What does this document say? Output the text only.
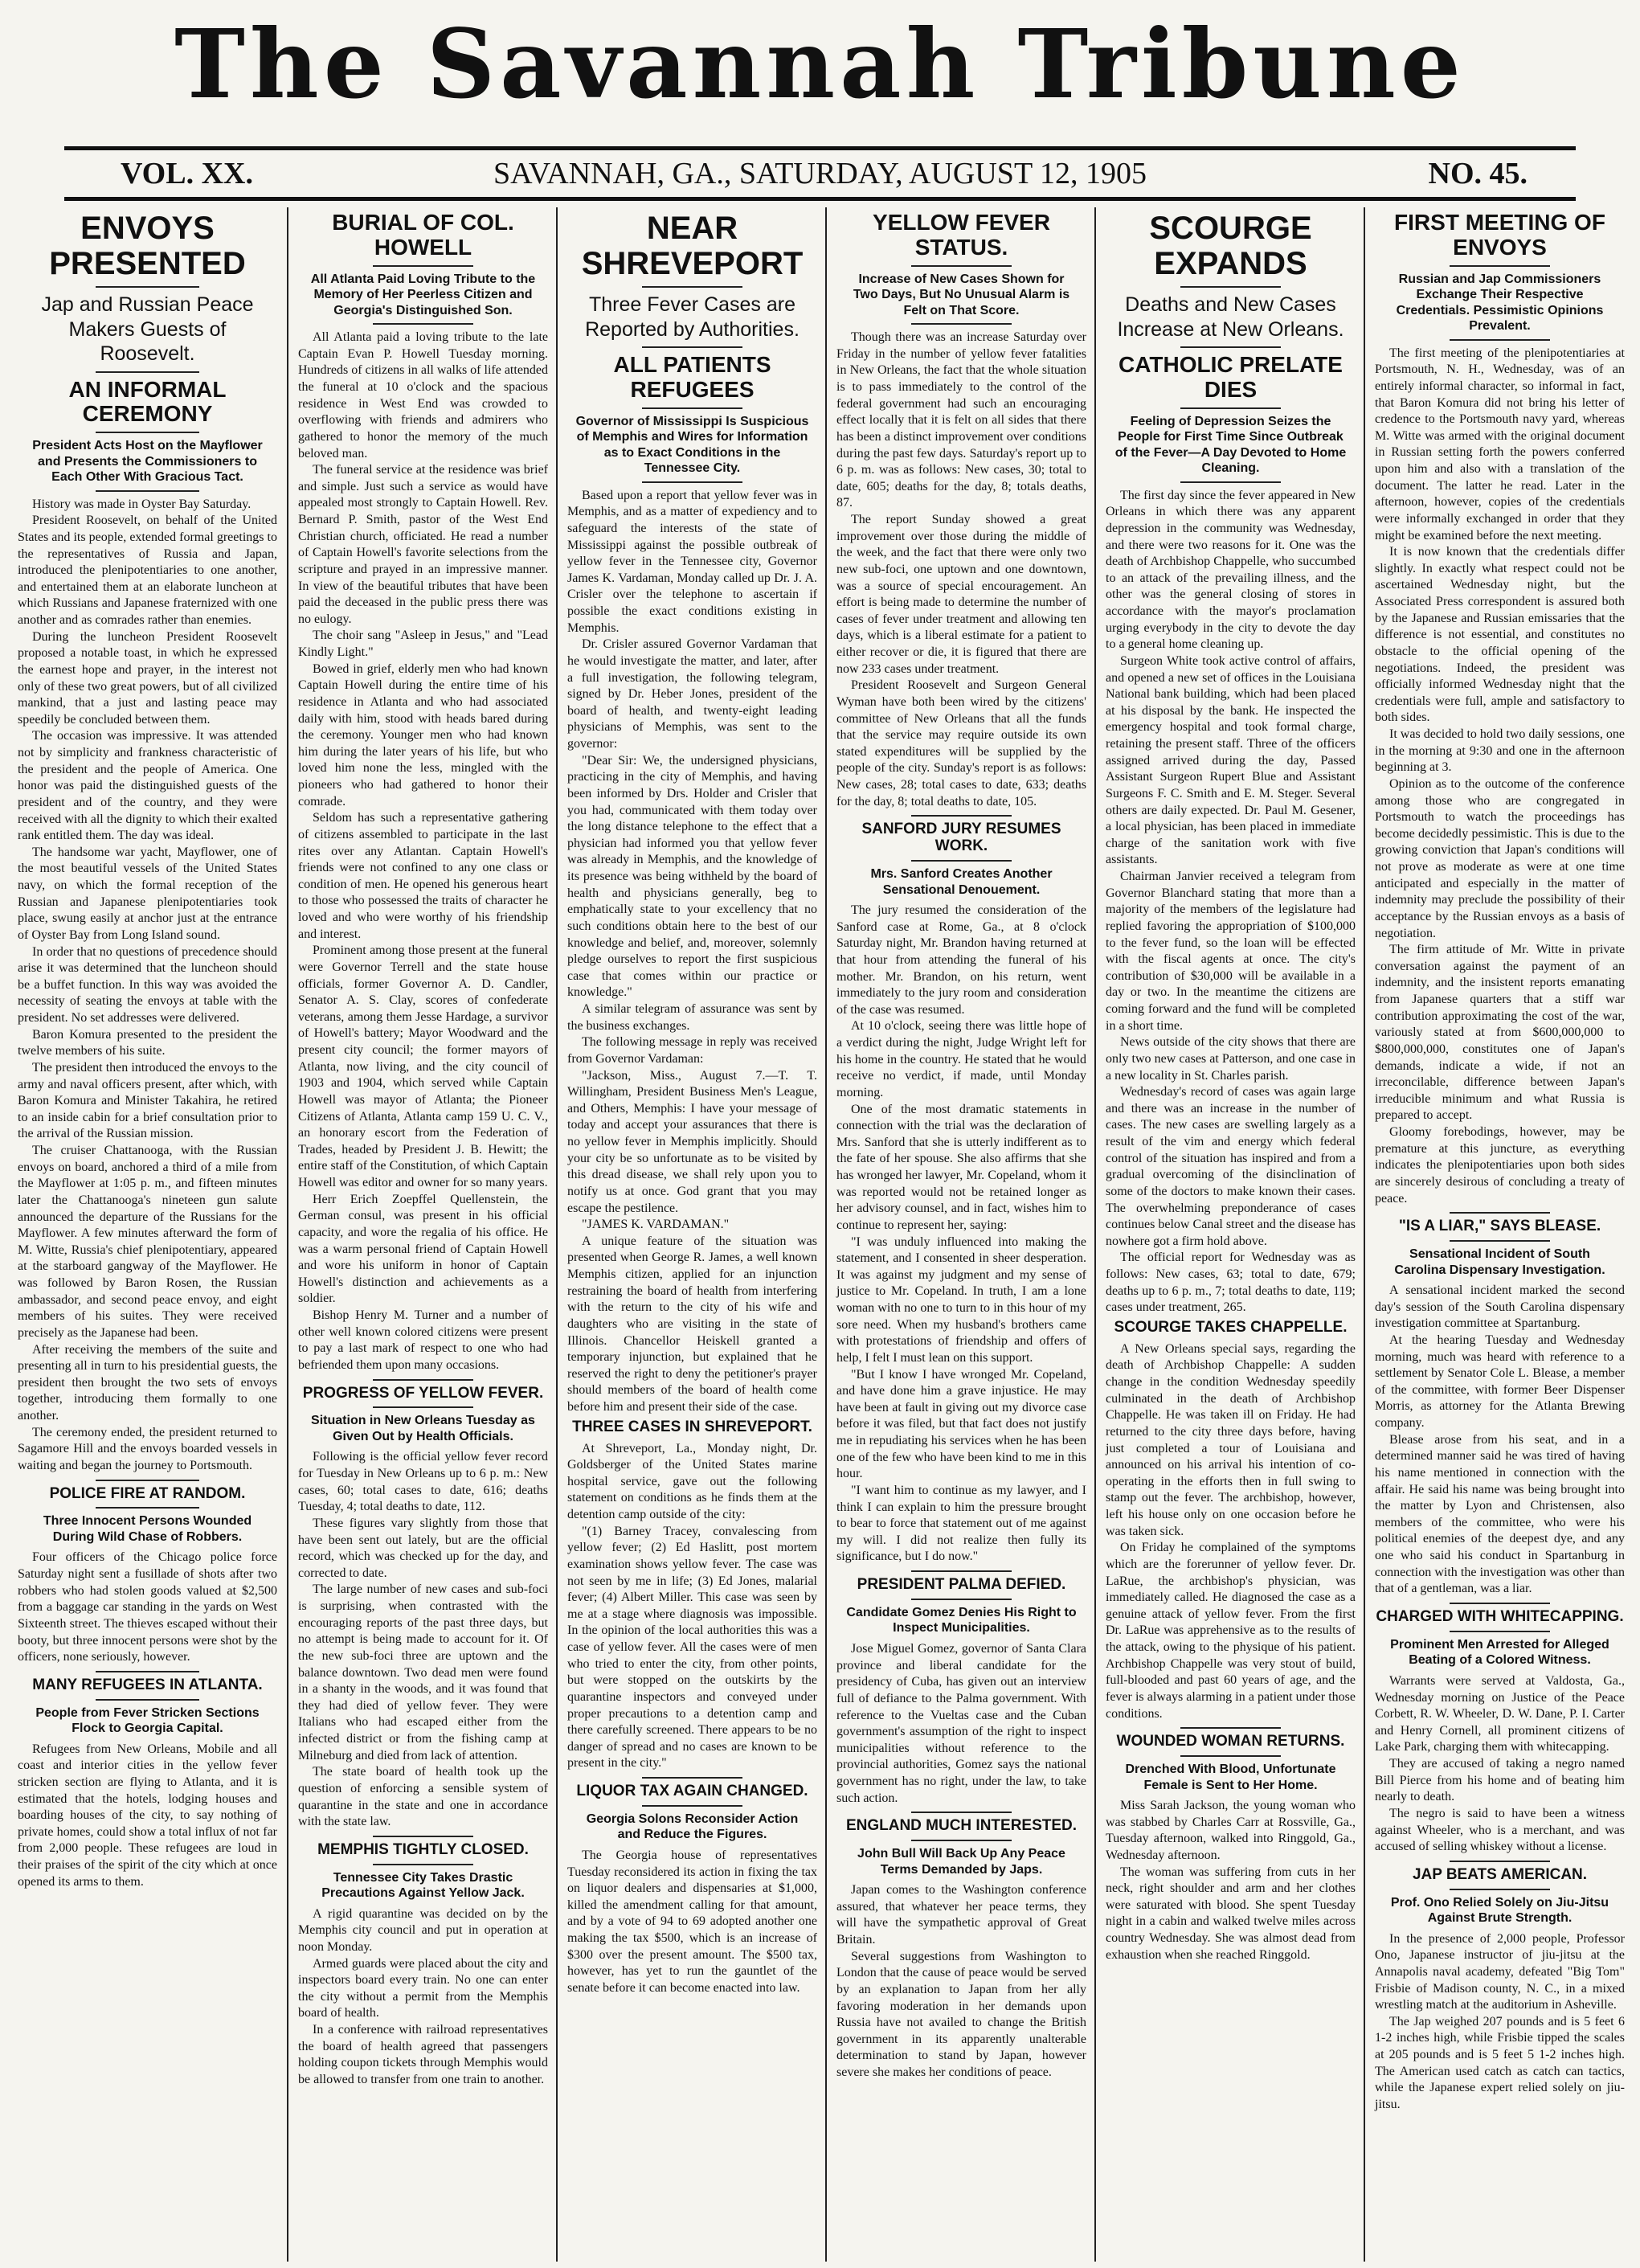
The Savannah Tribune
VOL. XX.	SAVANNAH, GA., SATURDAY, AUGUST 12, 1905	NO. 45.
ENVOYS PRESENTED
Jap and Russian Peace Makers Guests of Roosevelt.
AN INFORMAL CEREMONY
President Acts Host on the Mayflower and Presents the Commissioners to Each Other With Gracious Tact.

History was made in Oyster Bay Saturday.

President Roosevelt, on behalf of the United States and its people, extended formal greetings to the representatives of Russia and Japan, introduced the plenipotentiaries to one another, and entertained them at an elaborate luncheon at which Russians and Japanese fraternized with one another and as comrades rather than enemies.

During the luncheon President Roosevelt proposed a notable toast, in which he expressed the earnest hope and prayer, in the interest not only of these two great powers, but of all civilized mankind, that a just and lasting peace may speedily be concluded between them.

The occasion was impressive. It was attended not by simplicity and frankness characteristic of the president and the people of America. One honor was paid the distinguished guests of the president and of the country, and they were received with all the dignity to which their exalted rank entitled them. The day was ideal.

The handsome war yacht, Mayflower, one of the most beautiful vessels of the United States navy, on which the formal reception of the Russian and Japanese plenipotentiaries took place, swung easily at anchor just at the entrance of Oyster Bay from Long Island sound.

In order that no questions of precedence should arise it was determined that the luncheon should be a buffet function. In this way was avoided the necessity of seating the envoys at table with the president. No set addresses were delivered.

Baron Komura presented to the president the twelve members of his suite.

The president then introduced the envoys to the army and naval officers present, after which, with Baron Komura and Minister Takahira, he retired to an inside cabin for a brief consultation prior to the arrival of the Russian mission.

The cruiser Chattanooga, with the Russian envoys on board, anchored a third of a mile from the Mayflower at 1:05 p. m., and fifteen minutes later the Chattanooga's nineteen gun salute announced the departure of the Russians for the Mayflower. A few minutes afterward the form of M. Witte, Russia's chief plenipotentiary, appeared at the starboard gangway of the Mayflower. He was followed by Baron Rosen, the Russian ambassador, and second peace envoy, and eight members of his suites. They were received precisely as the Japanese had been.

After receiving the members of the suite and presenting all in turn to his presidential guests, the president then brought the two sets of envoys together, introducing them formally to one another.

The ceremony ended, the president returned to Sagamore Hill and the envoys boarded vessels in waiting and began the journey to Portsmouth.

POLICE FIRE AT RANDOM.
Three Innocent Persons Wounded During Wild Chase of Robbers.

Four officers of the Chicago police force Saturday night sent a fusillade of shots after two robbers who had stolen goods valued at $2,500 from a baggage car standing in the yards on West Sixteenth street. The thieves escaped without their booty, but three innocent persons were shot by the officers, none seriously, however.

MANY REFUGEES IN ATLANTA.
People from Fever Stricken Sections Flock to Georgia Capital.

Refugees from New Orleans, Mobile and all coast and interior cities in the yellow fever stricken section are flying to Atlanta, and it is estimated that the hotels, lodging houses and boarding houses of the city, to say nothing of private homes, could show a total influx of not far from 2,000 people. These refugees are loud in their praises of the spirit of the city which at once opened its arms to them.

BURIAL OF COL. HOWELL
All Atlanta Paid Loving Tribute to the Memory of Her Peerless Citizen and Georgia's Distinguished Son.

All Atlanta paid a loving tribute to the late Captain Evan P. Howell Tuesday morning. Hundreds of citizens in all walks of life attended the funeral at 10 o'clock and the spacious residence in West End was crowded to overflowing with friends and admirers who gathered to honor the memory of the much beloved man.

The funeral service at the residence was brief and simple. Just such a service as would have appealed most strongly to Captain Howell. Rev. Bernard P. Smith, pastor of the West End Christian church, officiated. He read a number of Captain Howell's favorite selections from the scripture and prayed in an impressive manner. In view of the beautiful tributes that have been paid the deceased in the public press there was no eulogy.

The choir sang "Asleep in Jesus," and "Lead Kindly Light."

Bowed in grief, elderly men who had known Captain Howell during the entire time of his residence in Atlanta and who had associated daily with him, stood with heads bared during the ceremony. Younger men who had known him during the later years of his life, but who loved him none the less, mingled with the pioneers who had gathered to honor their comrade.

Seldom has such a representative gathering of citizens assembled to participate in the last rites over any Atlantan. Captain Howell's friends were not confined to any one class or condition of men. He opened his generous heart to those who possessed the traits of character he loved and who were worthy of his friendship and interest.

Prominent among those present at the funeral were Governor Terrell and the state house officials, former Governor A. D. Candler, Senator A. S. Clay, scores of confederate veterans, among them Jesse Hardage, a survivor of Howell's battery; Mayor Woodward and the present city council; the former mayors of Atlanta, now living, and the city council of 1903 and 1904, which served while Captain Howell was mayor of Atlanta; the Pioneer Citizens of Atlanta, Atlanta camp 159 U. C. V., an honorary escort from the Federation of Trades, headed by President J. B. Hewitt; the entire staff of the Constitution, of which Captain Howell was editor and owner for so many years.

Herr Erich Zoepffel Quellenstein, the German consul, was present in his official capacity, and wore the regalia of his office. He was a warm personal friend of Captain Howell and wore his uniform in honor of Captain Howell's distinction and achievements as a soldier.

Bishop Henry M. Turner and a number of other well known colored citizens were present to pay a last mark of respect to one who had befriended them upon many occasions.

PROGRESS OF YELLOW FEVER.
Situation in New Orleans Tuesday as Given Out by Health Officials.

Following is the official yellow fever record for Tuesday in New Orleans up to 6 p. m.: New cases, 60; total cases to date, 616; deaths Tuesday, 4; total deaths to date, 112.

These figures vary slightly from those that have been sent out lately, but are the official record, which was checked up for the day, and corrected to date.

The large number of new cases and sub-foci is surprising, when contrasted with the encouraging reports of the past three days, but no attempt is being made to account for it. Of the new sub-foci three are uptown and the balance downtown. Two dead men were found in a shanty in the woods, and it was found that they had died of yellow fever. They were Italians who had escaped either from the infected district or from the fishing camp at Milneburg and died from lack of attention.

The state board of health took up the question of enforcing a sensible system of quarantine in the state and one in accordance with the state law.

MEMPHIS TIGHTLY CLOSED.
Tennessee City Takes Drastic Precautions Against Yellow Jack.

A rigid quarantine was decided on by the Memphis city council and put in operation at noon Monday.

Armed guards were placed about the city and inspectors board every train. No one can enter the city without a permit from the Memphis board of health.

In a conference with railroad representatives the board of health agreed that passengers holding coupon tickets through Memphis would be allowed to transfer from one train to another.

NEAR SHREVEPORT
Three Fever Cases are Reported by Authorities.
ALL PATIENTS REFUGEES
Governor of Mississippi Is Suspicious of Memphis and Wires for Information as to Exact Conditions in the Tennessee City.

Based upon a report that yellow fever was in Memphis, and as a matter of expediency and to safeguard the interests of the state of Mississippi against the possible outbreak of yellow fever in the Tennessee city, Governor James K. Vardaman, Monday called up Dr. J. A. Crisler over the telephone to ascertain if possible the exact conditions existing in Memphis.

Dr. Crisler assured Governor Vardaman that he would investigate the matter, and later, after a full investigation, the following telegram, signed by Dr. Heber Jones, president of the board of health, and twenty-eight leading physicians of Memphis, was sent to the governor:

"Dear Sir: We, the undersigned physicians, practicing in the city of Memphis, and having been informed by Drs. Holder and Crisler that you had, communicated with them today over the long distance telephone to the effect that a physician had informed you that yellow fever was already in Memphis, and the knowledge of its presence was being withheld by the board of health and physicians generally, beg to emphatically state to your excellency that no such conditions obtain here to the best of our knowledge and belief, and, moreover, solemnly pledge ourselves to report the first suspicious case that comes within our practice or knowledge."

A similar telegram of assurance was sent by the business exchanges.

The following message in reply was received from Governor Vardaman:

"Jackson, Miss., August 7.—T. T. Willingham, President Business Men's League, and Others, Memphis: I have your message of today and accept your assurances that there is no yellow fever in Memphis implicitly. Should your city be so unfortunate as to be visited by this dread disease, we shall rely upon you to notify us at once. God grant that you may escape the pestilence.

"JAMES K. VARDAMAN."

A unique feature of the situation was presented when George R. James, a well known Memphis citizen, applied for an injunction restraining the board of health from interfering with the return to the city of his wife and daughters who are visiting in the state of Illinois. Chancellor Heiskell granted a temporary injunction, but explained that he reserved the right to deny the petitioner's prayer should members of the board of health come before him and present their side of the case.

THREE CASES IN SHREVEPORT.

At Shreveport, La., Monday night, Dr. Goldsberger of the United States marine hospital service, gave out the following statement on conditions as he finds them at the detention camp outside of the city:

"(1) Barney Tracey, convalescing from yellow fever; (2) Ed Haslitt, post mortem examination shows yellow fever. The case was not seen by me in life; (3) Ed Jones, malarial fever; (4) Albert Miller. This case was seen by me at a stage where diagnosis was impossible. In the opinion of the local authorities this was a case of yellow fever. All the cases were of men who tried to enter the city, from other points, but were stopped on the outskirts by the quarantine inspectors and conveyed under proper precautions to a detention camp and there carefully screened. There appears to be no danger of spread and no cases are known to be present in the city."

LIQUOR TAX AGAIN CHANGED.
Georgia Solons Reconsider Action and Reduce the Figures.

The Georgia house of representatives Tuesday reconsidered its action in fixing the tax on liquor dealers and dispensaries at $1,000, killed the amendment calling for that amount, and by a vote of 94 to 69 adopted another one making the tax $500, which is an increase of $300 over the present amount. The $500 tax, however, has yet to run the gauntlet of the senate before it can become enacted into law.

YELLOW FEVER STATUS.
Increase of New Cases Shown for Two Days, But No Unusual Alarm is Felt on That Score.

Though there was an increase Saturday over Friday in the number of yellow fever fatalities in New Orleans, the fact that the whole situation is to pass immediately to the control of the federal government had such an encouraging effect locally that it is felt on all sides that there has been a distinct improvement over conditions during the past few days. Saturday's report up to 6 p. m. was as follows: New cases, 30; total to date, 605; deaths for the day, 8; totals deaths, 87.

The report Sunday showed a great improvement over those during the middle of the week, and the fact that there were only two new sub-foci, one uptown and one downtown, was a source of special encouragement. An effort is being made to determine the number of cases of fever under treatment and allowing ten days, which is a liberal estimate for a patient to either recover or die, it is figured that there are now 233 cases under treatment.

President Roosevelt and Surgeon General Wyman have both been wired by the citizens' committee of New Orleans that all the funds that the service may require outside its own stated expenditures will be supplied by the people of the city. Sunday's report is as follows: New cases, 28; total cases to date, 633; deaths for the day, 8; total deaths to date, 105.

SANFORD JURY RESUMES WORK.
Mrs. Sanford Creates Another Sensational Denouement.

The jury resumed the consideration of the Sanford case at Rome, Ga., at 8 o'clock Saturday night, Mr. Brandon having returned at that hour from attending the funeral of his mother. Mr. Brandon, on his return, went immediately to the jury room and consideration of the case was resumed.

At 10 o'clock, seeing there was little hope of a verdict during the night, Judge Wright left for his home in the country. He stated that he would receive no verdict, if made, until Monday morning.

One of the most dramatic statements in connection with the trial was the declaration of Mrs. Sanford that she is utterly indifferent as to the fate of her spouse. She also affirms that she has wronged her lawyer, Mr. Copeland, whom it was reported would not be retained longer as her advisory counsel, and in fact, wishes him to continue to represent her, saying:

"I was unduly influenced into making the statement, and I consented in sheer desperation. It was against my judgment and my sense of justice to Mr. Copeland. In truth, I am a lone woman with no one to turn to in this hour of my sore need. When my husband's brothers came with protestations of friendship and offers of help, I felt I must lean on this support.

"But I know I have wronged Mr. Copeland, and have done him a grave injustice. He may have been at fault in giving out my divorce case before it was filed, but that fact does not justify me in repudiating his services when he has been one of the few who have been kind to me in this hour.

"I want him to continue as my lawyer, and I think I can explain to him the pressure brought to bear to force that statement out of me against my will. I did not realize then fully its significance, but I do now."

PRESIDENT PALMA DEFIED.
Candidate Gomez Denies His Right to Inspect Municipalities.

Jose Miguel Gomez, governor of Santa Clara province and liberal candidate for the presidency of Cuba, has given out an interview full of defiance to the Palma government. With reference to the Vueltas case and the Cuban government's assumption of the right to inspect municipalities without reference to the provincial authorities, Gomez says the national government has no right, under the law, to take such action.

ENGLAND MUCH INTERESTED.
John Bull Will Back Up Any Peace Terms Demanded by Japs.

Japan comes to the Washington conference assured, that whatever her peace terms, they will have the sympathetic approval of Great Britain.

Several suggestions from Washington to London that the cause of peace would be served by an explanation to Japan from her ally favoring moderation in her demands upon Russia have not availed to change the British government in its apparently unalterable determination to stand by Japan, however severe she makes her conditions of peace.

SCOURGE EXPANDS
Deaths and New Cases Increase at New Orleans.
CATHOLIC PRELATE DIES
Feeling of Depression Seizes the People for First Time Since Outbreak of the Fever—A Day Devoted to Home Cleaning.

The first day since the fever appeared in New Orleans in which there was any apparent depression in the community was Wednesday, and there were two reasons for it. One was the death of Archbishop Chappelle, who succumbed to an attack of the prevailing illness, and the other was the general closing of stores in accordance with the mayor's proclamation urging everybody in the city to devote the day to a general home cleaning up.

Surgeon White took active control of affairs, and opened a new set of offices in the Louisiana National bank building, which had been placed at his disposal by the bank. He inspected the emergency hospital and took formal charge, retaining the present staff. Three of the officers assigned arrived during the day, Passed Assistant Surgeon Rupert Blue and Assistant Surgeons F. C. Smith and E. M. Steger. Several others are daily expected. Dr. Paul M. Gesener, a local physician, has been placed in immediate charge of the sanitation work with five assistants.

Chairman Janvier received a telegram from Governor Blanchard stating that more than a majority of the members of the legislature had replied favoring the appropriation of $100,000 to the fever fund, so the loan will be effected with the fiscal agents at once. The city's contribution of $30,000 will be available in a day or two. In the meantime the citizens are coming forward and the fund will be completed in a short time.

News outside of the city shows that there are only two new cases at Patterson, and one case in a new locality in St. Charles parish.

Wednesday's record of cases was again large and there was an increase in the number of cases. The new cases are swelling largely as a result of the vim and energy which federal control of the situation has inspired and from a gradual overcoming of the disinclination of some of the doctors to make known their cases. The overwhelming preponderance of cases continues below Canal street and the disease has nowhere got a firm hold above.

The official report for Wednesday was as follows: New cases, 63; total to date, 679; deaths up to 6 p. m., 7; total deaths to date, 119; cases under treatment, 265.

SCOURGE TAKES CHAPPELLE.

A New Orleans special says, regarding the death of Archbishop Chappelle: A sudden change in the condition Wednesday speedily culminated in the death of Archbishop Chappelle. He was taken ill on Friday. He had returned to the city three days before, having just completed a tour of Louisiana and announced on his arrival his intention of co-operating in the efforts then in full swing to stamp out the fever. The archbishop, however, left his house only on one occasion before he was taken sick.

On Friday he complained of the symptoms which are the forerunner of yellow fever. Dr. LaRue, the archbishop's physician, was immediately called. He diagnosed the case as a genuine attack of yellow fever. From the first Dr. LaRue was apprehensive as to the results of the attack, owing to the physique of his patient. Archbishop Chappelle was very stout of build, full-blooded and past 60 years of age, and the fever is always alarming in a patient under those conditions.

WOUNDED WOMAN RETURNS.
Drenched With Blood, Unfortunate Female is Sent to Her Home.

Miss Sarah Jackson, the young woman who was stabbed by Charles Carr at Rossville, Ga., Tuesday afternoon, walked into Ringgold, Ga., Wednesday afternoon.

The woman was suffering from cuts in her neck, right shoulder and arm and her clothes were saturated with blood. She spent Tuesday night in a cabin and walked twelve miles across country Wednesday. She was almost dead from exhaustion when she reached Ringgold.

FIRST MEETING OF ENVOYS
Russian and Jap Commissioners Exchange Their Respective Credentials. Pessimistic Opinions Prevalent.

The first meeting of the plenipotentiaries at Portsmouth, N. H., Wednesday, was of an entirely informal character, so informal in fact, that Baron Komura did not bring his letter of credence to the Portsmouth navy yard, whereas M. Witte was armed with the original document in Russian setting forth the powers conferred upon him and also with a translation of the document. The latter he read. Later in the afternoon, however, copies of the credentials were informally exchanged in order that they might be examined before the next meeting.

It is now known that the credentials differ slightly. In exactly what respect could not be ascertained Wednesday night, but the Associated Press correspondent is assured both by the Japanese and Russian emissaries that the difference is not essential, and constitutes no obstacle to the official opening of the negotiations. Indeed, the president was officially informed Wednesday night that the credentials were full, ample and satisfactory to both sides.

It was decided to hold two daily sessions, one in the morning at 9:30 and one in the afternoon beginning at 3.

Opinion as to the outcome of the conference among those who are congregated in Portsmouth to watch the proceedings has become decidedly pessimistic. This is due to the growing conviction that Japan's conditions will not prove as moderate as were at one time anticipated and especially in the matter of indemnity may preclude the possibility of their acceptance by the Russian envoys as a basis of negotiation.

The firm attitude of Mr. Witte in private conversation against the payment of an indemnity, and the insistent reports emanating from Japanese quarters that a stiff war contribution approximating the cost of the war, variously stated at from $600,000,000 to $800,000,000, constitutes one of Japan's demands, indicate a wide, if not an irreconcilable, difference between Japan's irreducible minimum and what Russia is prepared to accept.

Gloomy forebodings, however, may be premature at this juncture, as everything indicates the plenipotentiaries upon both sides are sincerely desirous of concluding a treaty of peace.

"IS A LIAR," SAYS BLEASE.
Sensational Incident of South Carolina Dispensary Investigation.

A sensational incident marked the second day's session of the South Carolina dispensary investigation committee at Spartanburg.

At the hearing Tuesday and Wednesday morning, much was heard with reference to a settlement by Senator Cole L. Blease, a member of the committee, with former Beer Dispenser Morris, as attorney for the Atlanta Brewing company.

Blease arose from his seat, and in a determined manner said he was tired of having his name mentioned in connection with the affair. He said his name was being brought into the matter by Lyon and Christensen, also members of the committee, who were his political enemies of the deepest dye, and any one who said his conduct in Spartanburg in connection with the investigation was other than that of a gentleman, was a liar.

CHARGED WITH WHITECAPPING.
Prominent Men Arrested for Alleged Beating of a Colored Witness.

Warrants were served at Valdosta, Ga., Wednesday morning on Justice of the Peace Corbett, R. W. Wheeler, D. W. Dane, P. I. Carter and Henry Cornell, all prominent citizens of Lake Park, charging them with whitecapping.

They are accused of taking a negro named Bill Pierce from his home and of beating him nearly to death.

The negro is said to have been a witness against Wheeler, who is a merchant, and was accused of selling whiskey without a license.

JAP BEATS AMERICAN.
Prof. Ono Relied Solely on Jiu-Jitsu Against Brute Strength.

In the presence of 2,000 people, Professor Ono, Japanese instructor of jiu-jitsu at the Annapolis naval academy, defeated "Big Tom" Frisbie of Madison county, N. C., in a mixed wrestling match at the auditorium in Asheville.

The Jap weighed 207 pounds and is 5 feet 6 1-2 inches high, while Frisbie tipped the scales at 205 pounds and is 5 feet 5 1-2 inches high. The American used catch as catch can tactics, while the Japanese expert relied solely on jiu-jitsu.
